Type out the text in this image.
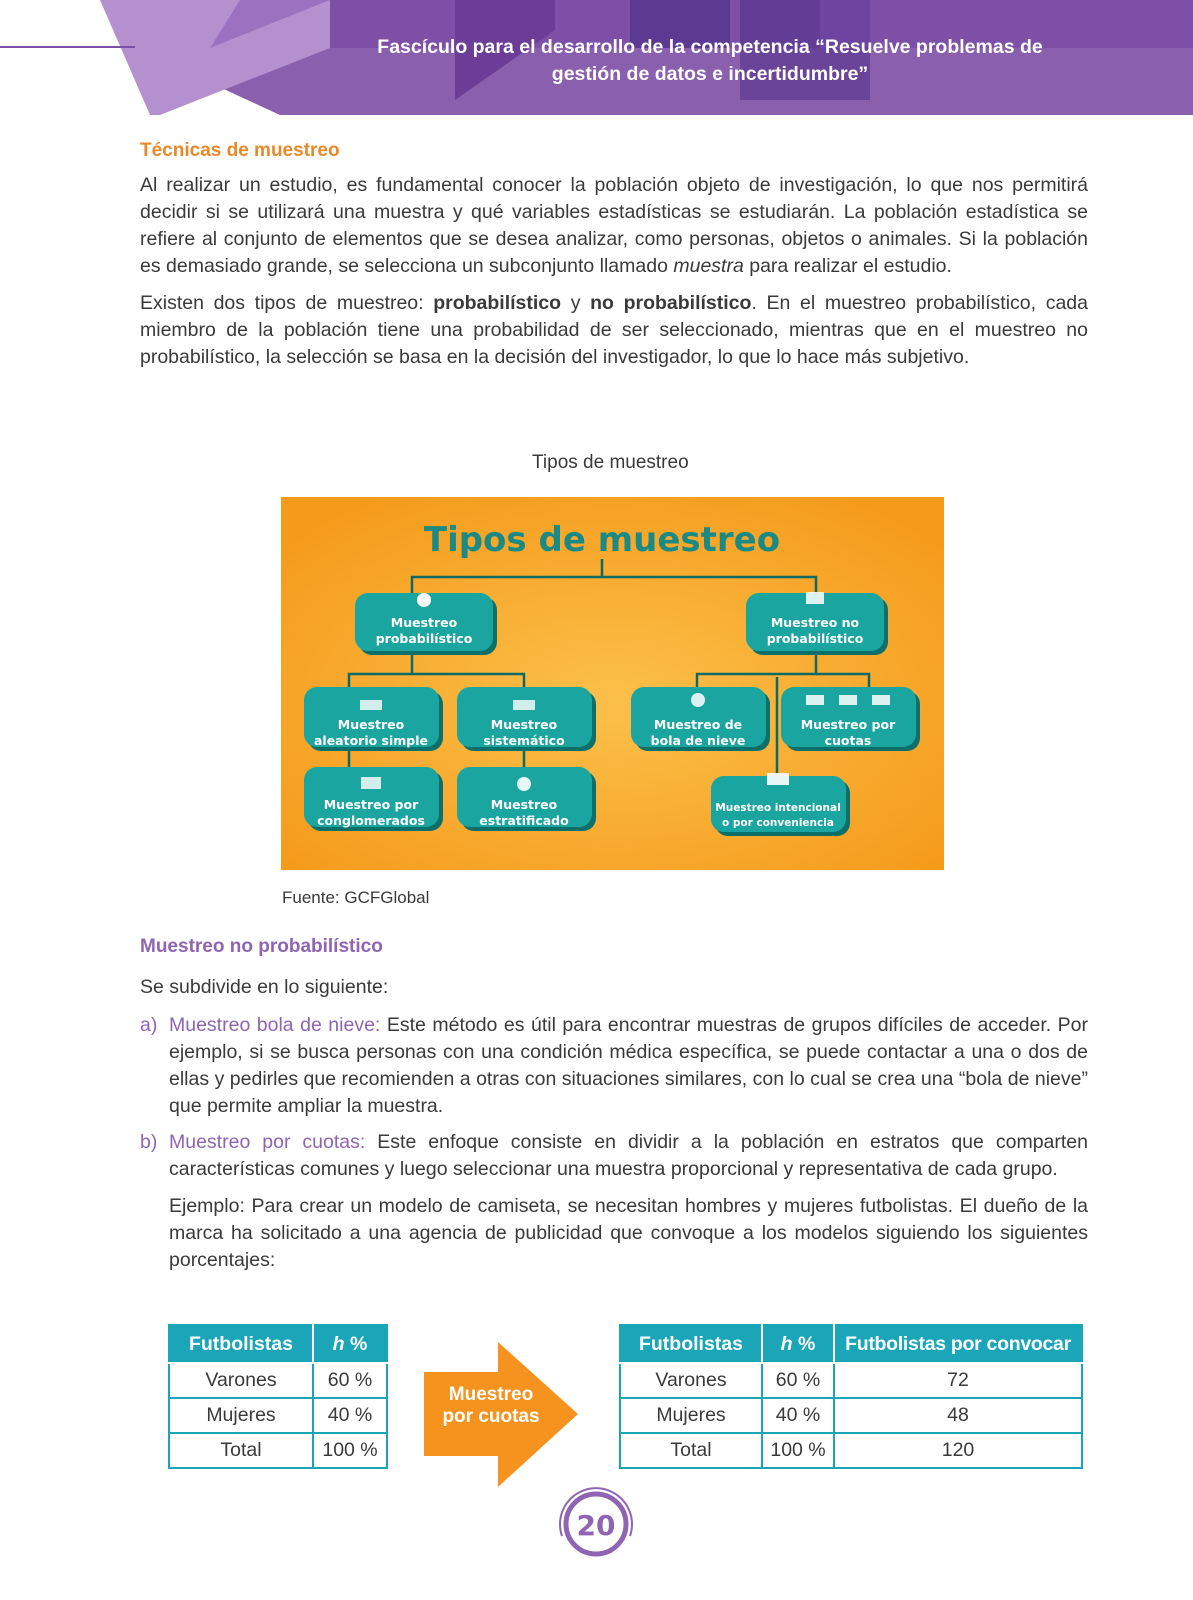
Fascículo para el desarrollo de la competencia “Resuelve problemas de
gestión de datos e incertidumbre”
Técnicas de muestreo

Al realizar un estudio, es fundamental conocer la población objeto de investigación, lo que nos permitirá decidir si se utilizará una muestra y qué variables estadísticas se estudiarán. La población estadística se refiere al conjunto de elementos que se desea analizar, como personas, objetos o animales. Si la población es demasiado grande, se selecciona un subconjunto llamado muestra para realizar el estudio.

Existen dos tipos de muestreo: probabilístico y no probabilístico. En el muestreo probabilístico, cada miembro de la población tiene una probabilidad de ser seleccionado, mientras que en el muestreo no probabilístico, la selección se basa en la decisión del investigador, lo que lo hace más subjetivo.

Tipos de muestreo
Tipos de muestreo
Muestreo
probabilístico
Muestreo no
probabilístico
Muestreo
aleatorio simple
Muestreo
sistemático
Muestreo por
conglomerados
Muestreo
estratificado
Muestreo de
bola de nieve
Muestreo por
cuotas
Muestreo intencional
o por conveniencia
Fuente: GCFGlobal
Muestreo no probabilístico

Se subdivide en lo siguiente:

a) Muestreo bola de nieve: Este método es útil para encontrar muestras de grupos difíciles de acceder. Por ejemplo, si se busca personas con una condición médica específica, se puede contactar a una o dos de ellas y pedirles que recomienden a otras con situaciones similares, con lo cual se crea una “bola de nieve” que permite ampliar la muestra.
b) Muestreo por cuotas: Este enfoque consiste en dividir a la población en estratos que comparten características comunes y luego seleccionar una muestra proporcional y representativa de cada grupo.
Ejemplo: Para crear un modelo de camiseta, se necesitan hombres y mujeres futbolistas. El dueño de la marca ha solicitado a una agencia de publicidad que convoque a los modelos siguiendo los siguientes porcentajes:
Futbolistas	h %
Varones	60 %
Mujeres	40 %
Total	100 %
Muestreo
por cuotas
Futbolistas	h %	Futbolistas por convocar
Varones	60 %	72
Mujeres	40 %	48
Total	100 %	120
20
